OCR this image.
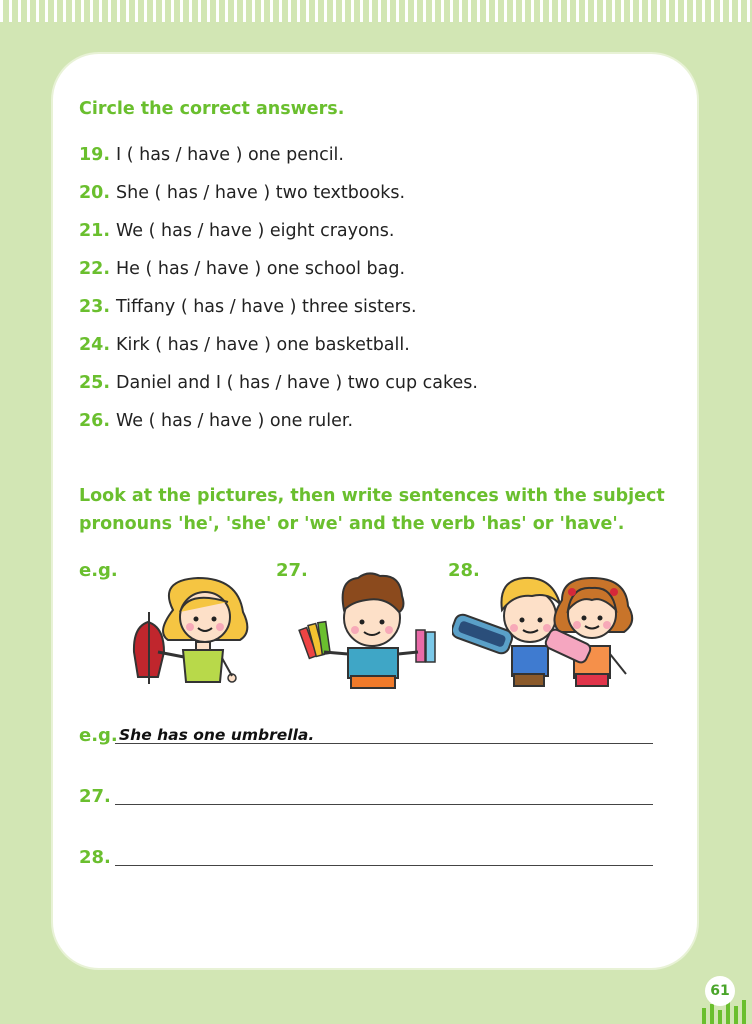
Circle the correct answers.
19. I ( has / have ) one pencil.
20. She ( has / have ) two textbooks.
21. We ( has / have ) eight crayons.
22. He ( has / have ) one school bag.
23. Tiffany ( has / have ) three sisters.
24. Kirk ( has / have ) one basketball.
25. Daniel and I ( has / have ) two cup cakes.
26. We ( has / have ) one ruler.
Look at the pictures, then write sentences with the subject
pronouns 'he', 'she' or 'we' and the verb 'has' or 'have'.
e.g.	27.	28.
e.g. She has one umbrella.
27.
28.
61
